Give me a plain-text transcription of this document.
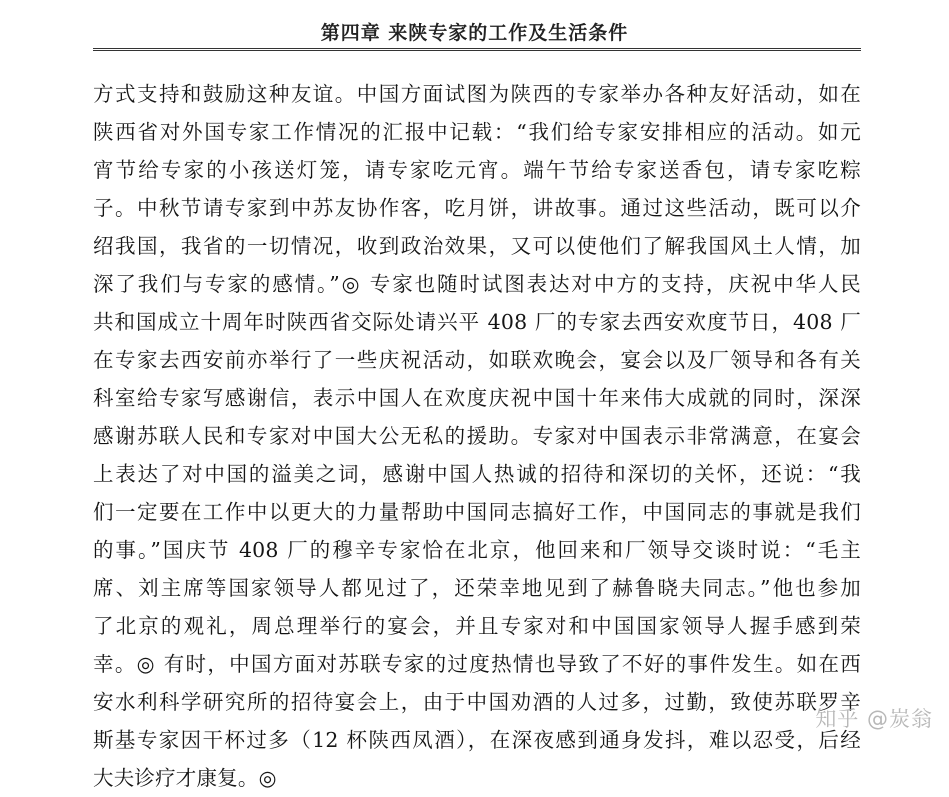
第四章 来陕专家的工作及生活条件
方式支持和鼓励这种友谊。中国方面试图为陕西的专家举办各种友好活动，如在
陕西省对外国专家工作情况的汇报中记载：“我们给专家安排相应的活动。如元
宵节给专家的小孩送灯笼，请专家吃元宵。端午节给专家送香包，请专家吃粽
子。中秋节请专家到中苏友协作客，吃月饼，讲故事。通过这些活动，既可以介
绍我国，我省的一切情况，收到政治效果，又可以使他们了解我国风土人情，加
深了我们与专家的感情。”◎ 专家也随时试图表达对中方的支持，庆祝中华人民
共和国成立十周年时陕西省交际处请兴平 408 厂的专家去西安欢度节日，408 厂
在专家去西安前亦举行了一些庆祝活动，如联欢晚会，宴会以及厂领导和各有关
科室给专家写感谢信，表示中国人在欢度庆祝中国十年来伟大成就的同时，深深
感谢苏联人民和专家对中国大公无私的援助。专家对中国表示非常满意，在宴会
上表达了对中国的溢美之词，感谢中国人热诚的招待和深切的关怀，还说：“我
们一定要在工作中以更大的力量帮助中国同志搞好工作，中国同志的事就是我们
的事。”国庆节 408 厂的穆辛专家恰在北京，他回来和厂领导交谈时说：“毛主
席、刘主席等国家领导人都见过了，还荣幸地见到了赫鲁晓夫同志。”他也参加
了北京的观礼，周总理举行的宴会，并且专家对和中国国家领导人握手感到荣
幸。◎ 有时，中国方面对苏联专家的过度热情也导致了不好的事件发生。如在西
安水利科学研究所的招待宴会上，由于中国劝酒的人过多，过勤，致使苏联罗辛
斯基专家因干杯过多（12 杯陕西凤酒），在深夜感到通身发抖，难以忍受，后经
大夫诊疗才康复。◎
知乎 @炭翁
